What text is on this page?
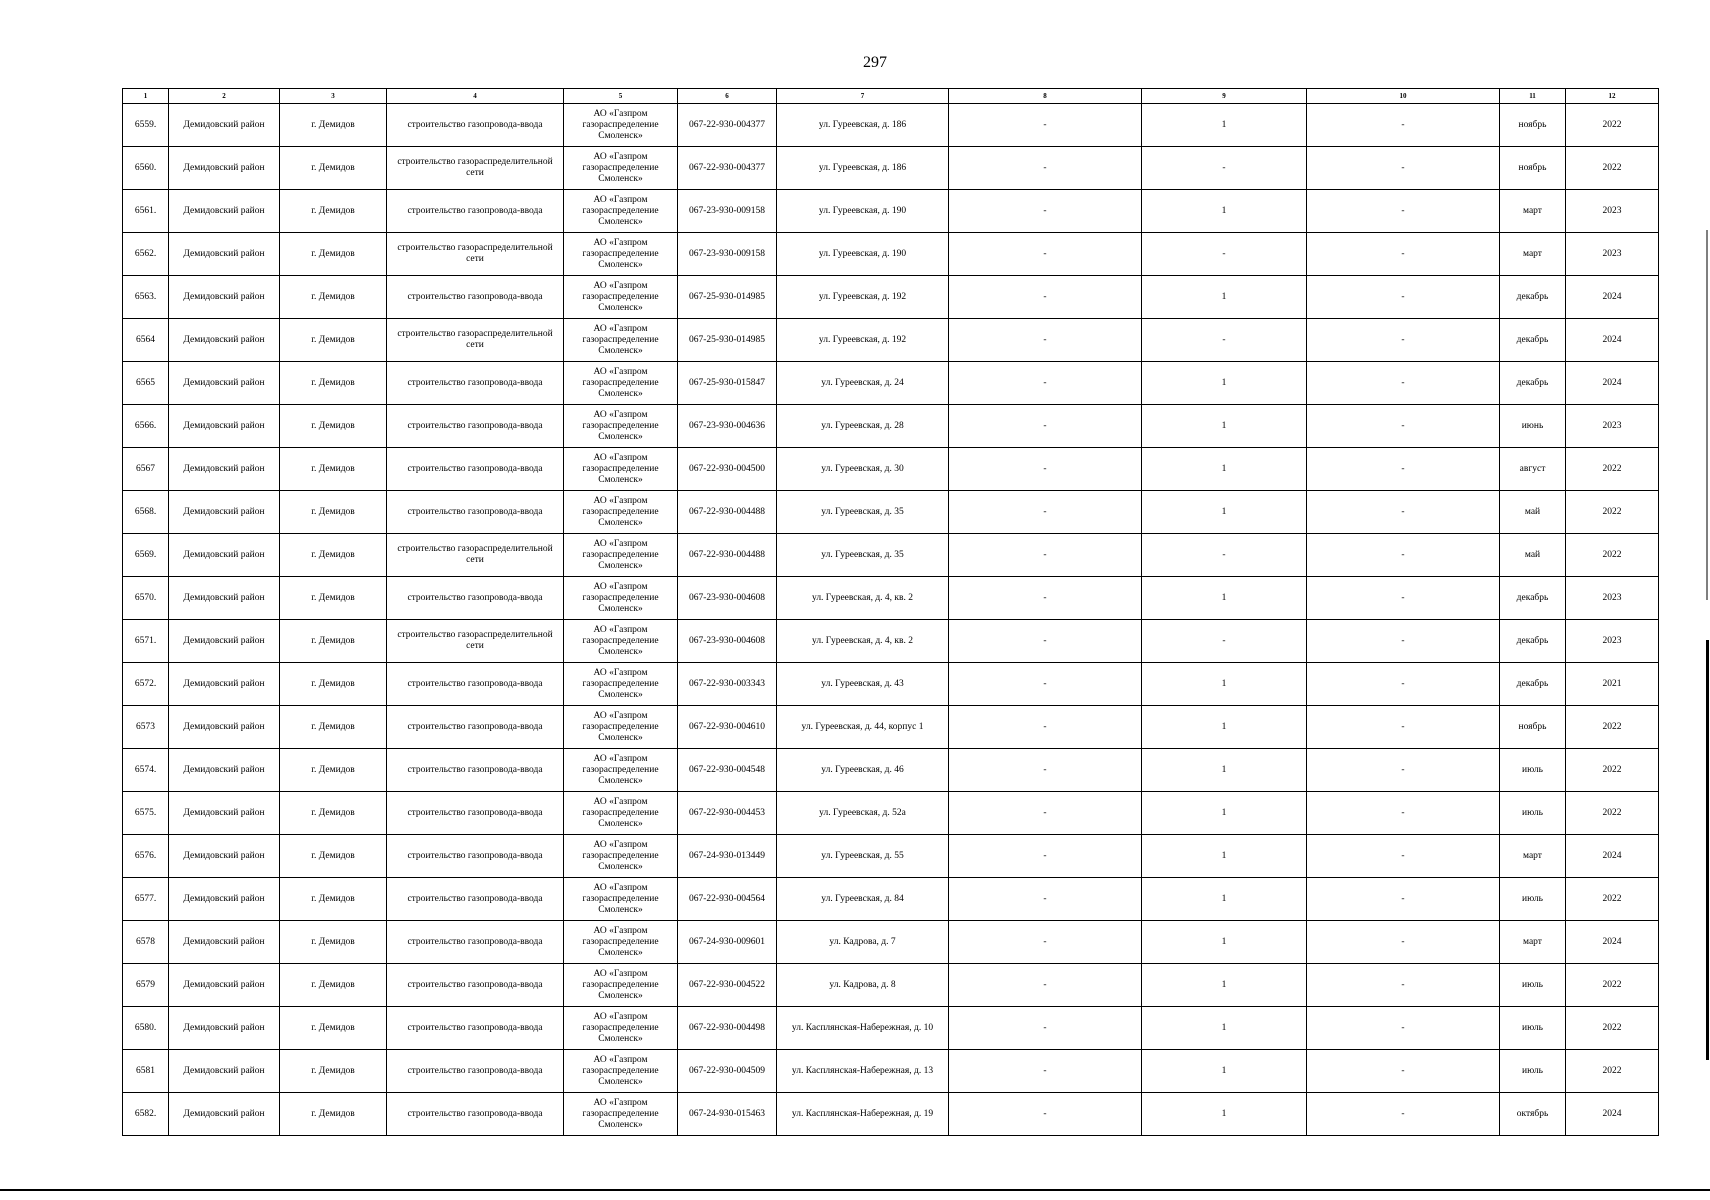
297
1	2	3	4	5	6	7	8	9	10	11	12
6559.	Демидовский район	г. Демидов	строительство газопровода-ввода	АО «Газпром газораспределение Смоленск»	067-22-930-004377	ул. Гуреевская, д. 186	-	1	-	ноябрь	2022
6560.	Демидовский район	г. Демидов	строительство газораспределительной сети	АО «Газпром газораспределение Смоленск»	067-22-930-004377	ул. Гуреевская, д. 186	-	-	-	ноябрь	2022
6561.	Демидовский район	г. Демидов	строительство газопровода-ввода	АО «Газпром газораспределение Смоленск»	067-23-930-009158	ул. Гуреевская, д. 190	-	1	-	март	2023
6562.	Демидовский район	г. Демидов	строительство газораспределительной сети	АО «Газпром газораспределение Смоленск»	067-23-930-009158	ул. Гуреевская, д. 190	-	-	-	март	2023
6563.	Демидовский район	г. Демидов	строительство газопровода-ввода	АО «Газпром газораспределение Смоленск»	067-25-930-014985	ул. Гуреевская, д. 192	-	1	-	декабрь	2024
6564	Демидовский район	г. Демидов	строительство газораспределительной сети	АО «Газпром газораспределение Смоленск»	067-25-930-014985	ул. Гуреевская, д. 192	-	-	-	декабрь	2024
6565	Демидовский район	г. Демидов	строительство газопровода-ввода	АО «Газпром газораспределение Смоленск»	067-25-930-015847	ул. Гуреевская, д. 24	-	1	-	декабрь	2024
6566.	Демидовский район	г. Демидов	строительство газопровода-ввода	АО «Газпром газораспределение Смоленск»	067-23-930-004636	ул. Гуреевская, д. 28	-	1	-	июнь	2023
6567	Демидовский район	г. Демидов	строительство газопровода-ввода	АО «Газпром газораспределение Смоленск»	067-22-930-004500	ул. Гуреевская, д. 30	-	1	-	август	2022
6568.	Демидовский район	г. Демидов	строительство газопровода-ввода	АО «Газпром газораспределение Смоленск»	067-22-930-004488	ул. Гуреевская, д. 35	-	1	-	май	2022
6569.	Демидовский район	г. Демидов	строительство газораспределительной сети	АО «Газпром газораспределение Смоленск»	067-22-930-004488	ул. Гуреевская, д. 35	-	-	-	май	2022
6570.	Демидовский район	г. Демидов	строительство газопровода-ввода	АО «Газпром газораспределение Смоленск»	067-23-930-004608	ул. Гуреевская, д. 4, кв. 2	-	1	-	декабрь	2023
6571.	Демидовский район	г. Демидов	строительство газораспределительной сети	АО «Газпром газораспределение Смоленск»	067-23-930-004608	ул. Гуреевская, д. 4, кв. 2	-	-	-	декабрь	2023
6572.	Демидовский район	г. Демидов	строительство газопровода-ввода	АО «Газпром газораспределение Смоленск»	067-22-930-003343	ул. Гуреевская, д. 43	-	1	-	декабрь	2021
6573	Демидовский район	г. Демидов	строительство газопровода-ввода	АО «Газпром газораспределение Смоленск»	067-22-930-004610	ул. Гуреевская, д. 44, корпус 1	-	1	-	ноябрь	2022
6574.	Демидовский район	г. Демидов	строительство газопровода-ввода	АО «Газпром газораспределение Смоленск»	067-22-930-004548	ул. Гуреевская, д. 46	-	1	-	июль	2022
6575.	Демидовский район	г. Демидов	строительство газопровода-ввода	АО «Газпром газораспределение Смоленск»	067-22-930-004453	ул. Гуреевская, д. 52а	-	1	-	июль	2022
6576.	Демидовский район	г. Демидов	строительство газопровода-ввода	АО «Газпром газораспределение Смоленск»	067-24-930-013449	ул. Гуреевская, д. 55	-	1	-	март	2024
6577.	Демидовский район	г. Демидов	строительство газопровода-ввода	АО «Газпром газораспределение Смоленск»	067-22-930-004564	ул. Гуреевская, д. 84	-	1	-	июль	2022
6578	Демидовский район	г. Демидов	строительство газопровода-ввода	АО «Газпром газораспределение Смоленск»	067-24-930-009601	ул. Кадрова, д. 7	-	1	-	март	2024
6579	Демидовский район	г. Демидов	строительство газопровода-ввода	АО «Газпром газораспределение Смоленск»	067-22-930-004522	ул. Кадрова, д. 8	-	1	-	июль	2022
6580.	Демидовский район	г. Демидов	строительство газопровода-ввода	АО «Газпром газораспределение Смоленск»	067-22-930-004498	ул. Касплянская-Набережная, д. 10	-	1	-	июль	2022
6581	Демидовский район	г. Демидов	строительство газопровода-ввода	АО «Газпром газораспределение Смоленск»	067-22-930-004509	ул. Касплянская-Набережная, д. 13	-	1	-	июль	2022
6582.	Демидовский район	г. Демидов	строительство газопровода-ввода	АО «Газпром газораспределение Смоленск»	067-24-930-015463	ул. Касплянская-Набережная, д. 19	-	1	-	октябрь	2024
